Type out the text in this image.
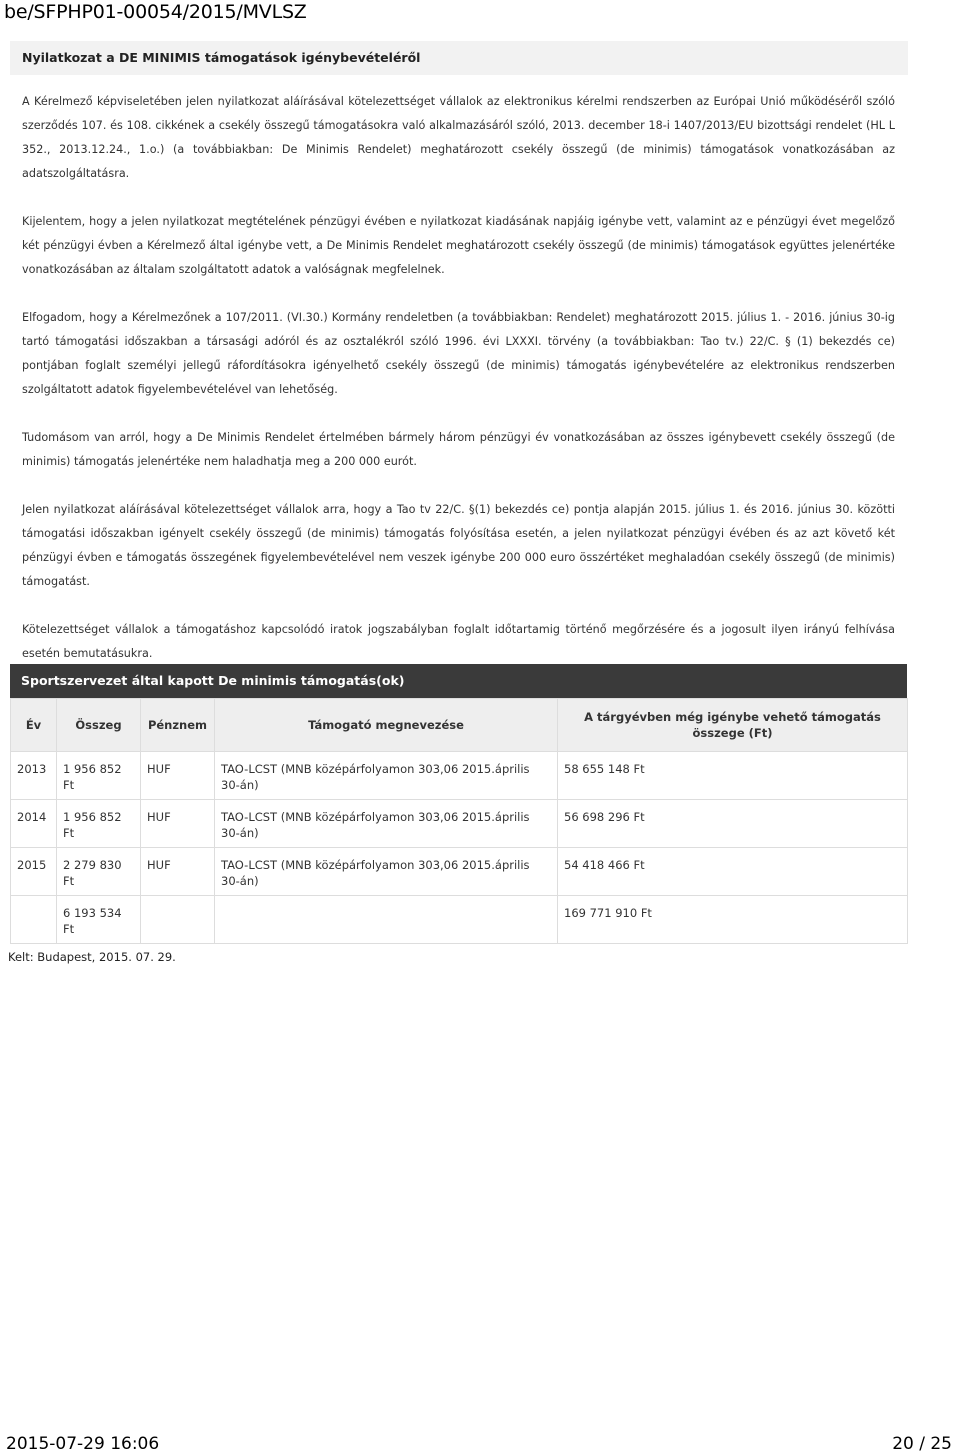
be/SFPHP01-00054/2015/MVLSZ
Nyilatkozat a DE MINIMIS támogatások igénybevételéről

A Kérelmező képviseletében jelen nyilatkozat aláírásával kötelezettséget vállalok az elektronikus kérelmi rendszerben az Európai Unió működéséről szóló szerződés 107. és 108. cikkének a csekély összegű támogatásokra való alkalmazásáról szóló, 2013. december 18-i 1407/2013/EU bizottsági rendelet (HL L 352., 2013.12.24., 1.o.) (a továbbiakban: De Minimis Rendelet) meghatározott csekély összegű (de minimis) támogatások vonatkozásában az adatszolgáltatásra.

Kijelentem, hogy a jelen nyilatkozat megtételének pénzügyi évében e nyilatkozat kiadásának napjáig igénybe vett, valamint az e pénzügyi évet megelőző két pénzügyi évben a Kérelmező által igénybe vett, a De Minimis Rendelet meghatározott csekély összegű (de minimis) támogatások együttes jelenértéke vonatkozásában az általam szolgáltatott adatok a valóságnak megfelelnek.

Elfogadom, hogy a Kérelmezőnek a 107/2011. (VI.30.) Kormány rendeletben (a továbbiakban: Rendelet) meghatározott 2015. július 1. - 2016. június 30-ig tartó támogatási időszakban a társasági adóról és az osztalékról szóló 1996. évi LXXXI. törvény (a továbbiakban: Tao tv.) 22/C. § (1) bekezdés ce) pontjában foglalt személyi jellegű ráfordításokra igényelhető csekély összegű (de minimis) támogatás igénybevételére az elektronikus rendszerben szolgáltatott adatok figyelembevételével van lehetőség.

Tudomásom van arról, hogy a De Minimis Rendelet értelmében bármely három pénzügyi év vonatkozásában az összes igénybevett csekély összegű (de minimis) támogatás jelenértéke nem haladhatja meg a 200 000 eurót.

Jelen nyilatkozat aláírásával kötelezettséget vállalok arra, hogy a Tao tv 22/C. §(1) bekezdés ce) pontja alapján 2015. július 1. és 2016. június 30. közötti támogatási időszakban igényelt csekély összegű (de minimis) támogatás folyósítása esetén, a jelen nyilatkozat pénzügyi évében és az azt követő két pénzügyi évben e támogatás összegének figyelembevételével nem veszek igénybe 200 000 euro összértéket meghaladóan csekély összegű (de minimis) támogatást.

Kötelezettséget vállalok a támogatáshoz kapcsolódó iratok jogszabályban foglalt időtartamig történő megőrzésére és a jogosult ilyen irányú felhívása esetén bemutatásukra.

Sportszervezet által kapott De minimis támogatás(ok)
Év	Összeg	Pénznem	Támogató megnevezése	A tárgyévben még igénybe vehető támogatás összege (Ft)
2013	1 956 852 Ft	HUF	TAO-LCST (MNB középárfolyamon 303,06 2015.április 30-án)	58 655 148 Ft
2014	1 956 852 Ft	HUF	TAO-LCST (MNB középárfolyamon 303,06 2015.április 30-án)	56 698 296 Ft
2015	2 279 830 Ft	HUF	TAO-LCST (MNB középárfolyamon 303,06 2015.április 30-án)	54 418 466 Ft
	6 193 534 Ft			169 771 910 Ft
Kelt: Budapest, 2015. 07. 29.
2015-07-29 16:06	20 / 25
